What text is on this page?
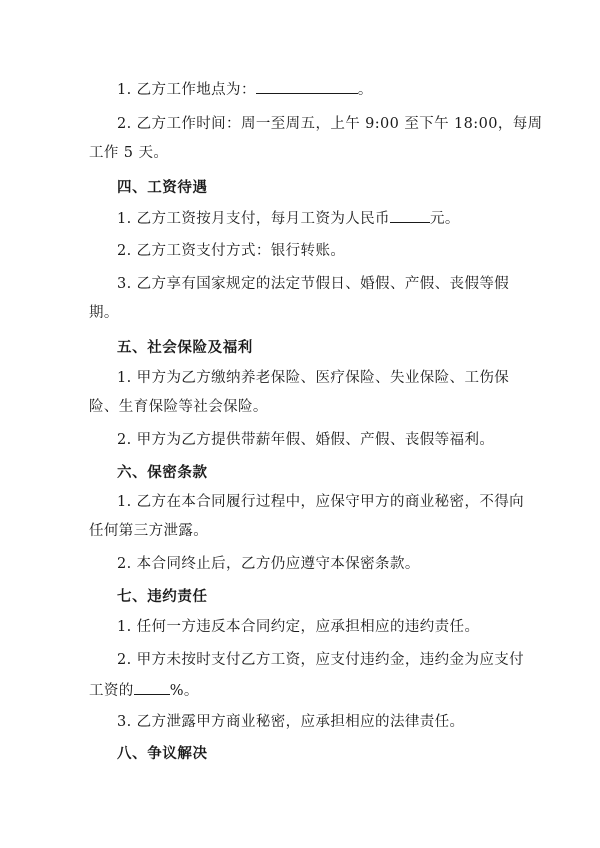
1. 乙方工作地点为：	。
2. 乙方工作时间：周一至周五，上午 9:00 至下午 18:00，每周
工作 5 天。
四、工资待遇
1. 乙方工资按月支付，每月工资为人民币	元。
2. 乙方工资支付方式：银行转账。
3. 乙方享有国家规定的法定节假日、婚假、产假、丧假等假
期。
五、社会保险及福利
1. 甲方为乙方缴纳养老保险、医疗保险、失业保险、工伤保
险、生育保险等社会保险。
2. 甲方为乙方提供带薪年假、婚假、产假、丧假等福利。
六、保密条款
1. 乙方在本合同履行过程中，应保守甲方的商业秘密，不得向
任何第三方泄露。
2. 本合同终止后，乙方仍应遵守本保密条款。
七、违约责任
1. 任何一方违反本合同约定，应承担相应的违约责任。
2. 甲方未按时支付乙方工资，应支付违约金，违约金为应支付
工资的 %。
3. 乙方泄露甲方商业秘密，应承担相应的法律责任。
八、争议解决
